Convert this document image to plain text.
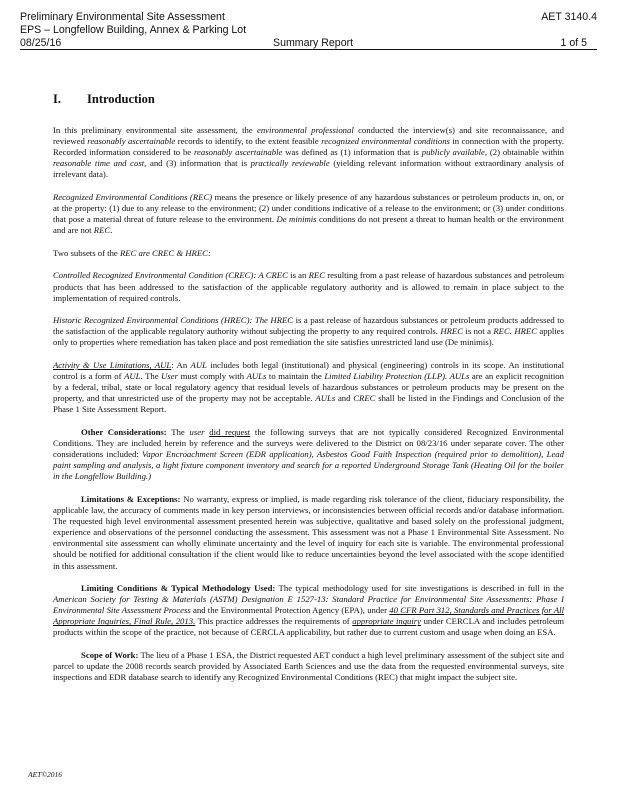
Preliminary Environmental Site Assessment	AET 3140.4
EPS – Longfellow Building, Annex & Parking Lot
08/25/16	Summary Report	1 of 5
I. Introduction

In this preliminary environmental site assessment, the environmental professional conducted the interview(s) and site reconnaissance, and reviewed reasonably ascertainable records to identify, to the extent feasible recognized environmental conditions in connection with the property. Recorded information considered to be reasonably ascertainable was defined as (1) information that is publicly available, (2) obtainable within reasonable time and cost, and (3) information that is practically reviewable (yielding relevant information without extraordinary analysis of irrelevant data).

Recognized Environmental Conditions (REC) means the presence or likely presence of any hazardous substances or petroleum products in, on, or at the property: (1) due to any release to the environment; (2) under conditions indicative of a release to the environment; or (3) under conditions that pose a material threat of future release to the environment. De minimis conditions do not present a threat to human health or the environment and are not REC.

Two subsets of the REC are CREC & HREC:

Controlled Recognized Environmental Condition (CREC): A CREC is an REC resulting from a past release of hazardous substances and petroleum products that has been addressed to the satisfaction of the applicable regulatory authority and is allowed to remain in place subject to the implementation of required controls.

Historic Recognized Environmental Conditions (HREC): The HREC is a past release of hazardous substances or petroleum products addressed to the satisfaction of the applicable regulatory authority without subjecting the property to any required controls. HREC is not a REC. HREC applies only to properties where remediation has taken place and post remediation the site satisfies unrestricted land use (De minimis).

Activity & Use Limitations, AUL: An AUL includes both legal (institutional) and physical (engineering) controls in its scope. An institutional control is a form of AUL. The User must comply with AULs to maintain the Limited Liability Protection (LLP). AULs are an explicit recognition by a federal, tribal, state or local regulatory agency that residual levels of hazardous substances or petroleum products may be present on the property, and that unrestricted use of the property may not be acceptable. AULs and CREC shall be listed in the Findings and Conclusion of the Phase 1 Site Assessment Report.

Other Considerations: The user did request the following surveys that are not typically considered Recognized Environmental Conditions. They are included herein by reference and the surveys were delivered to the District on 08/23/16 under separate cover. The other considerations included: Vapor Encroachment Screen (EDR application), Asbestos Good Faith Inspection (required prior to demolition), Lead paint sampling and analysis, a light fixture component inventory and search for a reported Underground Storage Tank (Heating Oil for the boiler in the Longfellow Building.)

Limitations & Exceptions: No warranty, express or implied, is made regarding risk tolerance of the client, fiduciary responsibility, the applicable law, the accuracy of comments made in key person interviews, or inconsistencies between official records and/or database information. The requested high level environmental assessment presented herein was subjective, qualitative and based solely on the professional judgment, experience and observations of the personnel conducting the assessment. This assessment was not a Phase 1 Environmental Site Assessment. No environmental site assessment can wholly eliminate uncertainty and the level of inquiry for each site is variable. The environmental professional should be notified for additional consultation if the client would like to reduce uncertainties beyond the level associated with the scope identified in this assessment.

Limiting Conditions & Typical Methodology Used: The typical methodology used for site investigations is described in full in the American Society for Testing & Materials (ASTM) Designation E 1527-13: Standard Practice for Environmental Site Assessments: Phase I Environmental Site Assessment Process and the Environmental Protection Agency (EPA), under 40 CFR Part 312, Standards and Practices for All Appropriate Inquiries, Final Rule, 2013. This practice addresses the requirements of appropriate inquiry under CERCLA and includes petroleum products within the scope of the practice, not because of CERCLA applicability, but rather due to current custom and usage when doing an ESA.

Scope of Work: The lieu of a Phase 1 ESA, the District requested AET conduct a high level preliminary assessment of the subject site and parcel to update the 2008 records search provided by Associated Earth Sciences and use the data from the requested environmental surveys, site inspections and EDR database search to identify any Recognized Environmental Conditions (REC) that might impact the subject site.

AET©2016
